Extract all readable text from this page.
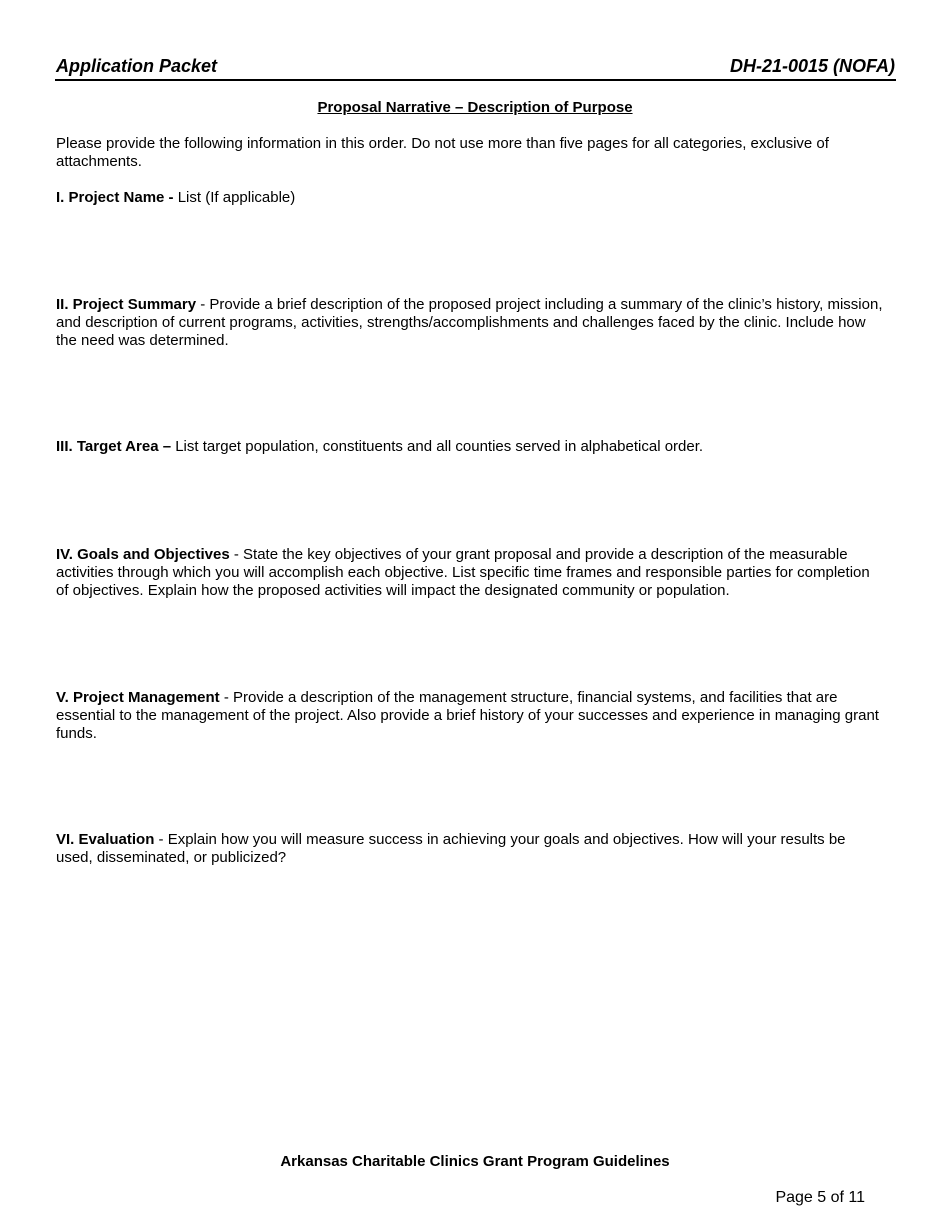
Application Packet	DH-21-0015 (NOFA)
Proposal Narrative – Description of Purpose
Please provide the following information in this order. Do not use more than five pages for all categories, exclusive of attachments.
I. Project Name - List (If applicable)
II. Project Summary - Provide a brief description of the proposed project including a summary of the clinic’s history, mission, and description of current programs, activities, strengths/accomplishments and challenges faced by the clinic. Include how the need was determined.
III. Target Area – List target population, constituents and all counties served in alphabetical order.
IV. Goals and Objectives - State the key objectives of your grant proposal and provide a description of the measurable activities through which you will accomplish each objective. List specific time frames and responsible parties for completion of objectives. Explain how the proposed activities will impact the designated community or population.
V. Project Management - Provide a description of the management structure, financial systems, and facilities that are essential to the management of the project. Also provide a brief history of your successes and experience in managing grant funds.
VI. Evaluation - Explain how you will measure success in achieving your goals and objectives. How will your results be used, disseminated, or publicized?
Arkansas Charitable Clinics Grant Program Guidelines
Page 5 of 11
